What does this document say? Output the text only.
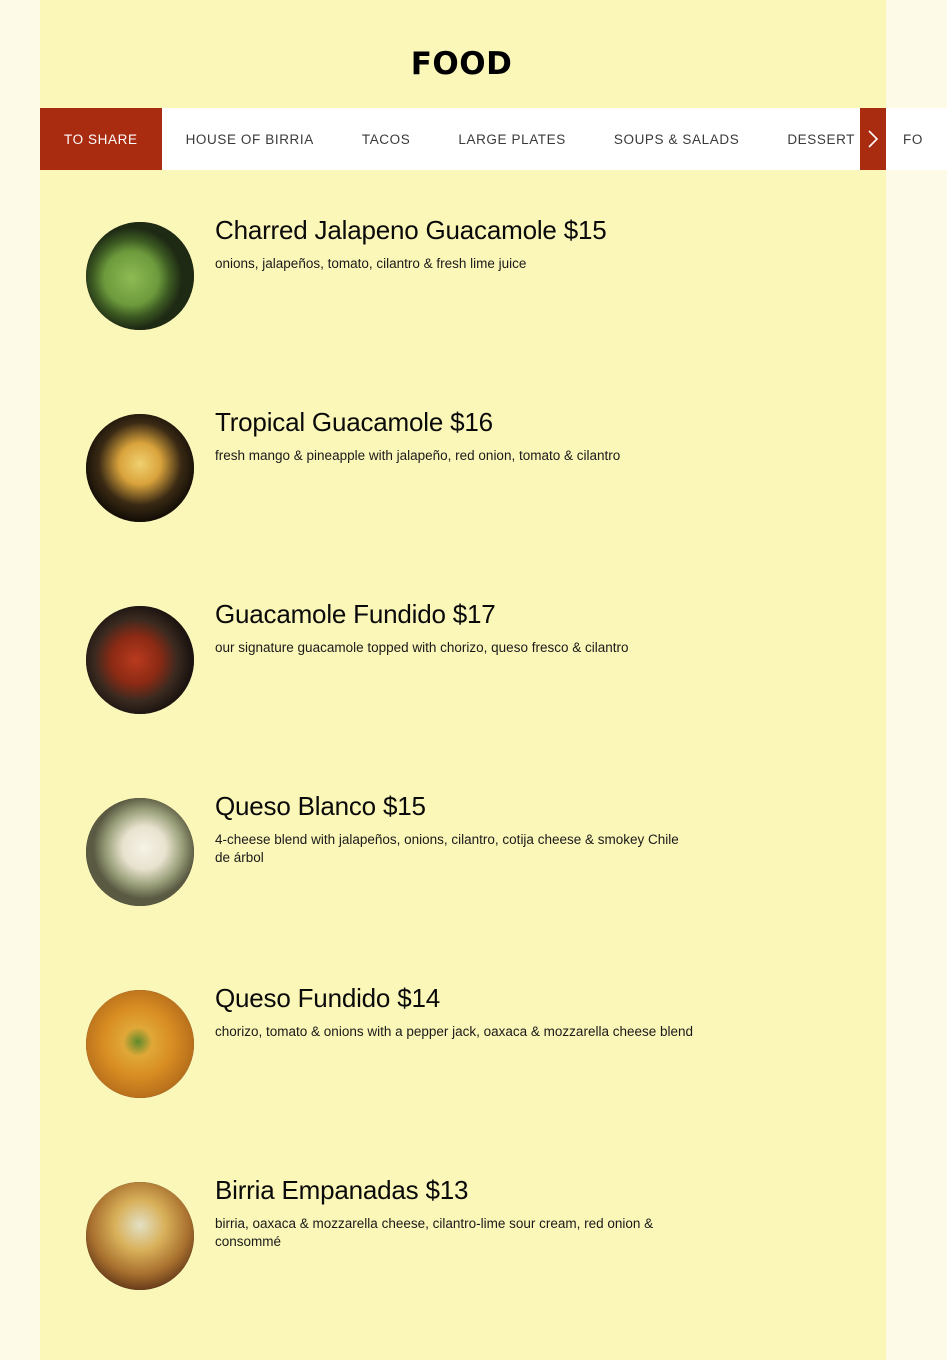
FOOD
TO SHARE	HOUSE OF BIRRIA	TACOS	LARGE PLATES	SOUPS & SALADS	DESSERT	FO
Charred Jalapeno Guacamole $15
onions, jalapeños, tomato, cilantro & fresh lime juice
Tropical Guacamole $16
fresh mango & pineapple with jalapeño, red onion, tomato & cilantro
Guacamole Fundido $17
our signature guacamole topped with chorizo, queso fresco & cilantro
Queso Blanco $15
4-cheese blend with jalapeños, onions, cilantro, cotija cheese & smokey Chile de árbol
Queso Fundido $14
chorizo, tomato & onions with a pepper jack, oaxaca & mozzarella cheese blend
Birria Empanadas $13
birria, oaxaca & mozzarella cheese, cilantro-lime sour cream, red onion & consommé
